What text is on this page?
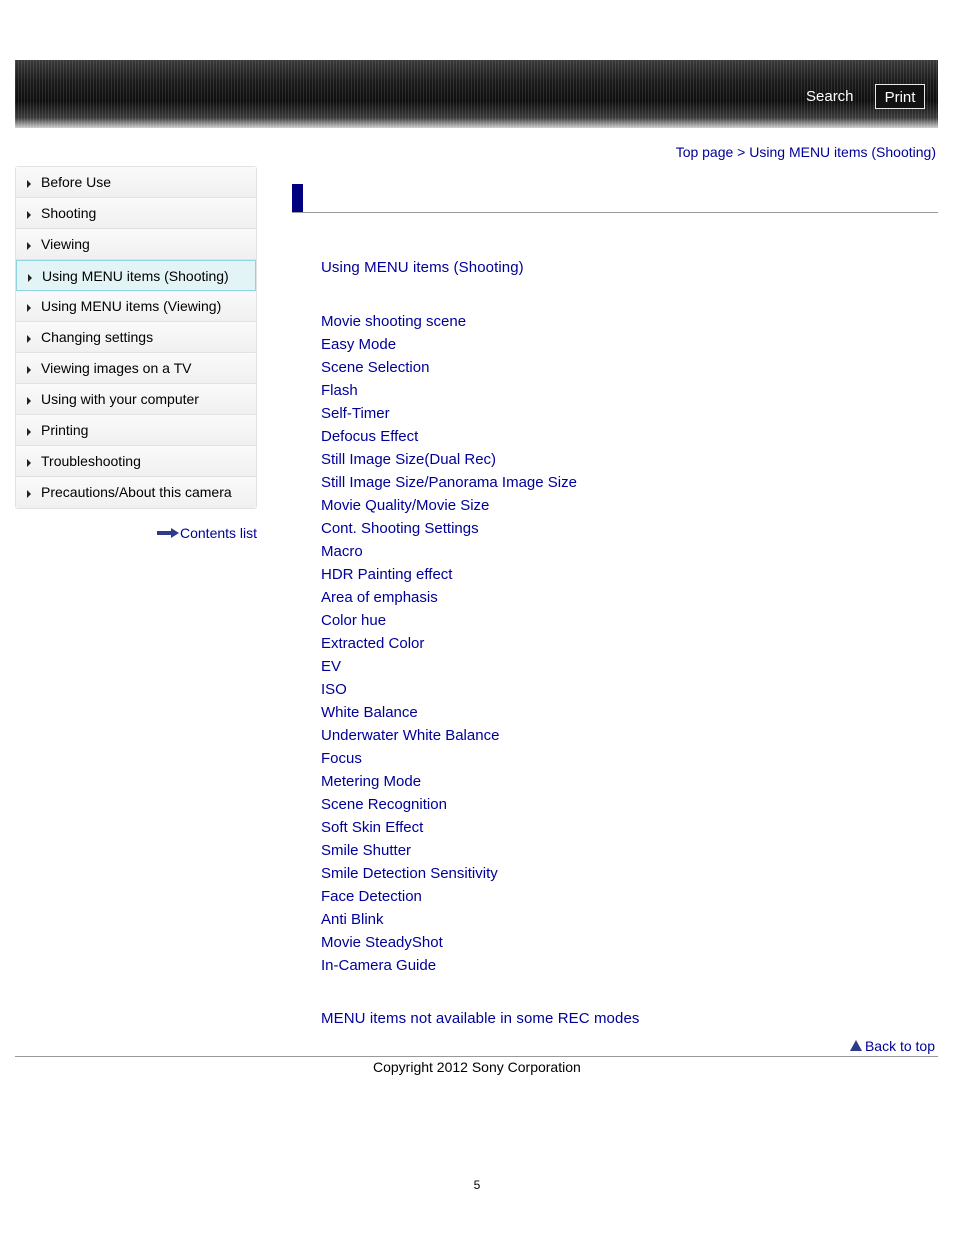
Search	Print
Top page > Using MENU items (Shooting)
Before Use
Shooting
Viewing
Using MENU items (Shooting)
Using MENU items (Viewing)
Changing settings
Viewing images on a TV
Using with your computer
Printing
Troubleshooting
Precautions/About this camera
Contents list
Using MENU items (Shooting)
Movie shooting scene
Easy Mode
Scene Selection
Flash
Self-Timer
Defocus Effect
Still Image Size(Dual Rec)
Still Image Size/Panorama Image Size
Movie Quality/Movie Size
Cont. Shooting Settings
Macro
HDR Painting effect
Area of emphasis
Color hue
Extracted Color
EV
ISO
White Balance
Underwater White Balance
Focus
Metering Mode
Scene Recognition
Soft Skin Effect
Smile Shutter
Smile Detection Sensitivity
Face Detection
Anti Blink
Movie SteadyShot
In-Camera Guide
MENU items not available in some REC modes
Back to top
Copyright 2012 Sony Corporation
5
